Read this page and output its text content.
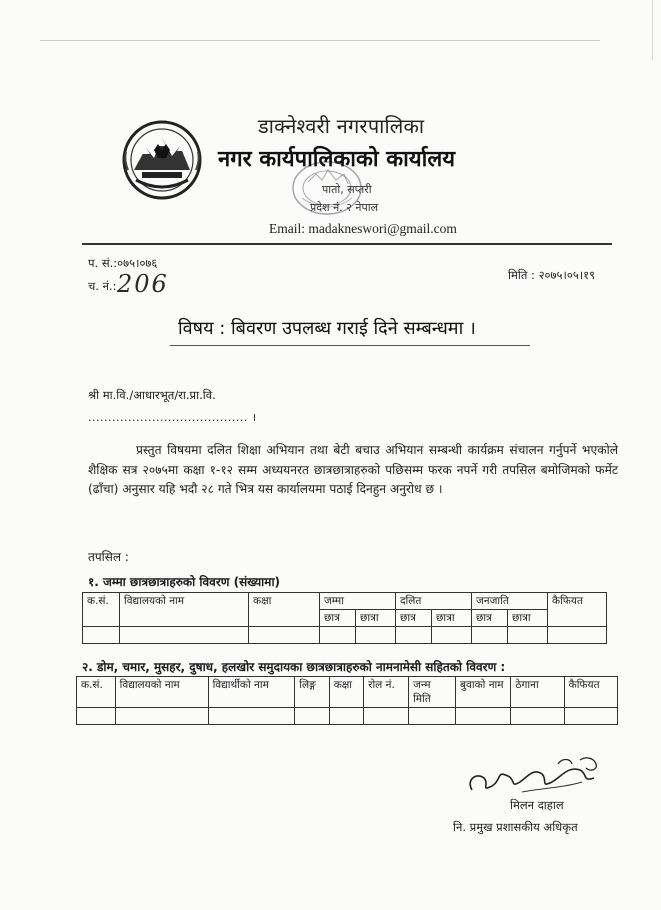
डाक्नेश्वरी नगरपालिका
नगर कार्यपालिकाको कार्यालय
पातो, सप्तरी
प्रदेश नं. २ नेपाल
Email: madakneswori@gmail.com
प. सं.:०७५।०७६
च. नं.: 206	मिति : २०७५।०५।१९
विषय : बिवरण उपलब्ध गराई दिने सम्बन्धमा ।
श्री मा.वि./आधारभूत/रा.प्रा.वि.
........................................ ।
प्रस्तुत विषयमा दलित शिक्षा अभियान तथा बेटी बचाउ अभियान सम्बन्धी कार्यक्रम संचालन गर्नुपर्ने भएकोले शैक्षिक सत्र २०७५मा कक्षा १-१२ सम्म अध्ययनरत छात्रछात्राहरुको पछिसम्म फरक नपर्ने गरी तपसिल बमोजिमको फर्मेट (ढाँचा) अनुसार यहि भदौ २८ गते भित्र यस कार्यालयमा पठाई दिनहुन अनुरोध छ ।
तपसिल :
१. जम्मा छात्रछात्राहरुको विवरण (संख्यामा)
क.सं.	विद्यालयको नाम	कक्षा	जम्मा		दलित		जनजाति		कैफियत
			छात्र	छात्रा	छात्र	छात्रा	छात्र	छात्रा	

२. डोम, चमार, मुसहर, दुषाध, हलखोर समुदायका छात्रछात्राहरुको नामनामेसी सहितको विवरण :
क.सं.	विद्यालयको नाम	विद्यार्थीको नाम	लिङ्ग	कक्षा	रोल नं.	जन्म मिति	बुवाको नाम	ठेगाना	कैफियत

मिलन दाहाल
नि. प्रमुख प्रशासकीय अधिकृत
